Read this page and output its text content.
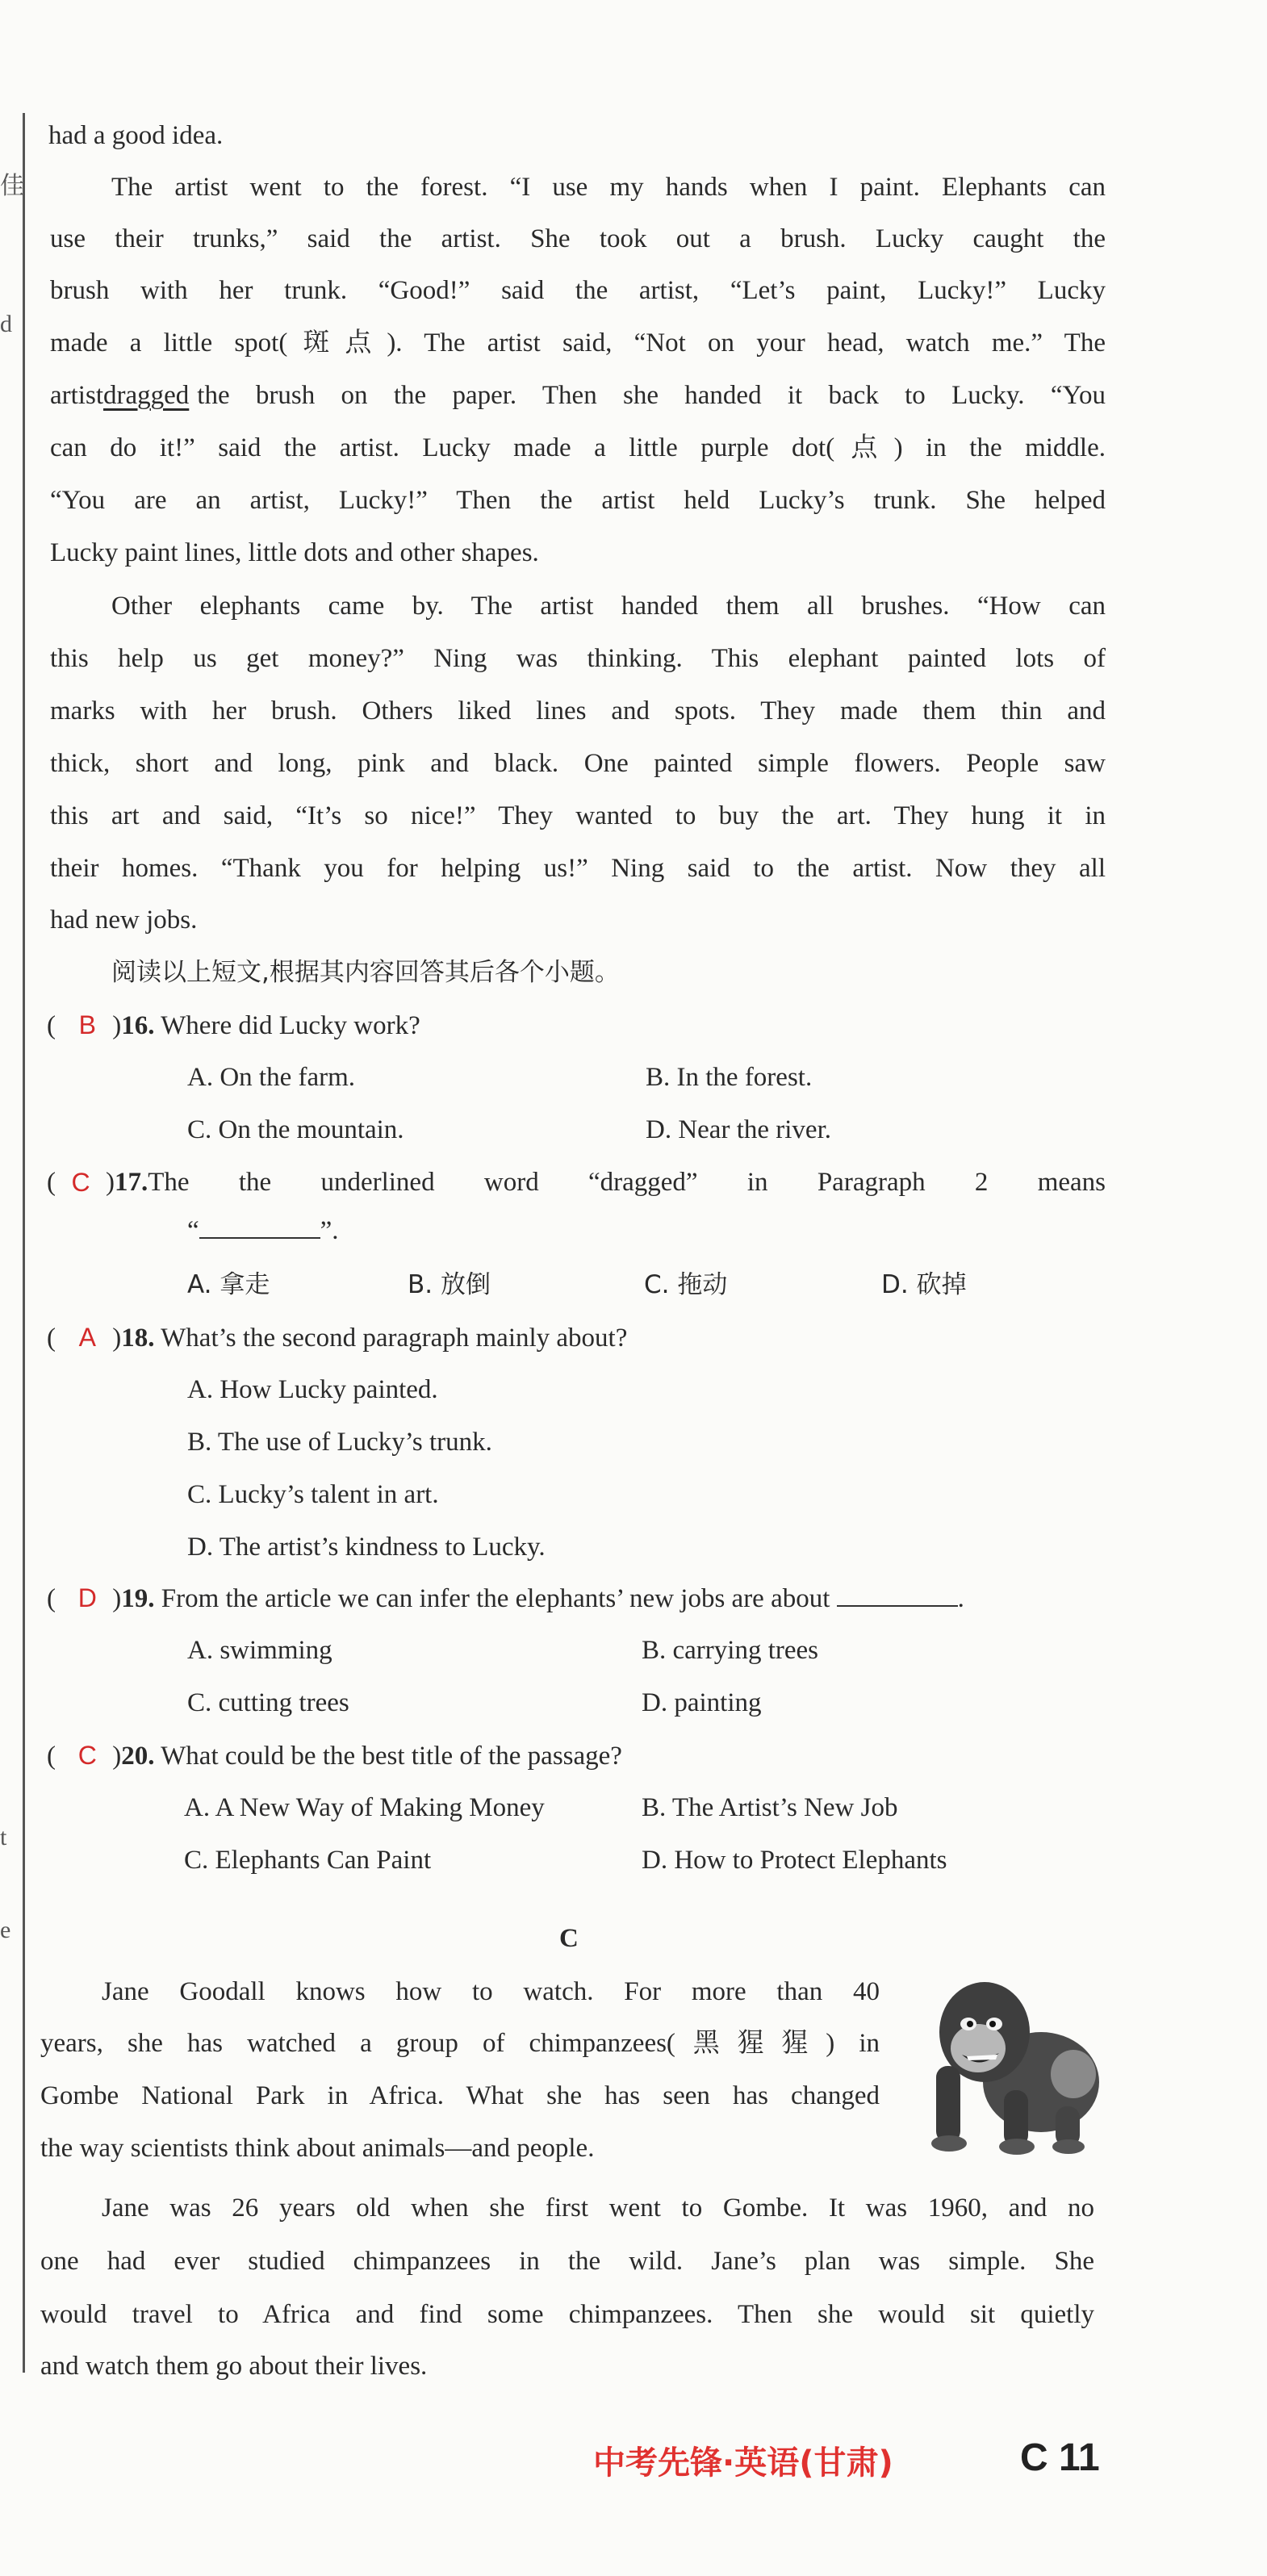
佳
d
t
e
had a good idea.
The artist went to the forest. “I use my hands when I paint. Elephants can
use their trunks,” said the artist. She took out a brush. Lucky caught the
brush with her trunk. “Good!” said the artist, “Let’s paint, Lucky!” Lucky
made a little spot(斑点). The artist said, “Not on your head, watch me.” The
artist dragged the brush on the paper. Then she handed it back to Lucky. “You
can do it!” said the artist. Lucky made a little purple dot(点) in the middle.
“You are an artist, Lucky!” Then the artist held Lucky’s trunk. She helped
Lucky paint lines, little dots and other shapes.
Other elephants came by. The artist handed them all brushes. “How can
this help us get money?” Ning was thinking. This elephant painted lots of
marks with her brush. Others liked lines and spots. They made them thin and
thick, short and long, pink and black. One painted simple flowers. People saw
this art and said, “It’s so nice!” They wanted to buy the art. They hung it in
their homes. “Thank you for helping us!” Ning said to the artist. Now they all
had new jobs.
阅读以上短文,根据其内容回答其后各个小题。
( B )16. Where did Lucky work?
A. On the farm.	B. In the forest.
C. On the mountain.	D. Near the river.
( C ) 17. The the underlined word “dragged” in Paragraph 2 means
“	”.
A. 拿走	B. 放倒	C. 拖动	D. 砍掉
( A )18. What’s the second paragraph mainly about?
A. How Lucky painted.
B. The use of Lucky’s trunk.
C. Lucky’s talent in art.
D. The artist’s kindness to Lucky.
( D )19. From the article we can infer the elephants’ new jobs are about	.
A. swimming	B. carrying trees
C. cutting trees	D. painting
( C )20. What could be the best title of the passage?
A. A New Way of Making Money	B. The Artist’s New Job
C. Elephants Can Paint	D. How to Protect Elephants
C
Jane Goodall knows how to watch. For more than 40
years, she has watched a group of chimpanzees(黑猩猩) in
Gombe National Park in Africa. What she has seen has changed
the way scientists think about animals—and people.
Jane was 26 years old when she first went to Gombe. It was 1960, and no
one had ever studied chimpanzees in the wild. Jane’s plan was simple. She
would travel to Africa and find some chimpanzees. Then she would sit quietly
and watch them go about their lives.
中考先锋·英语(甘肃)	C 11
